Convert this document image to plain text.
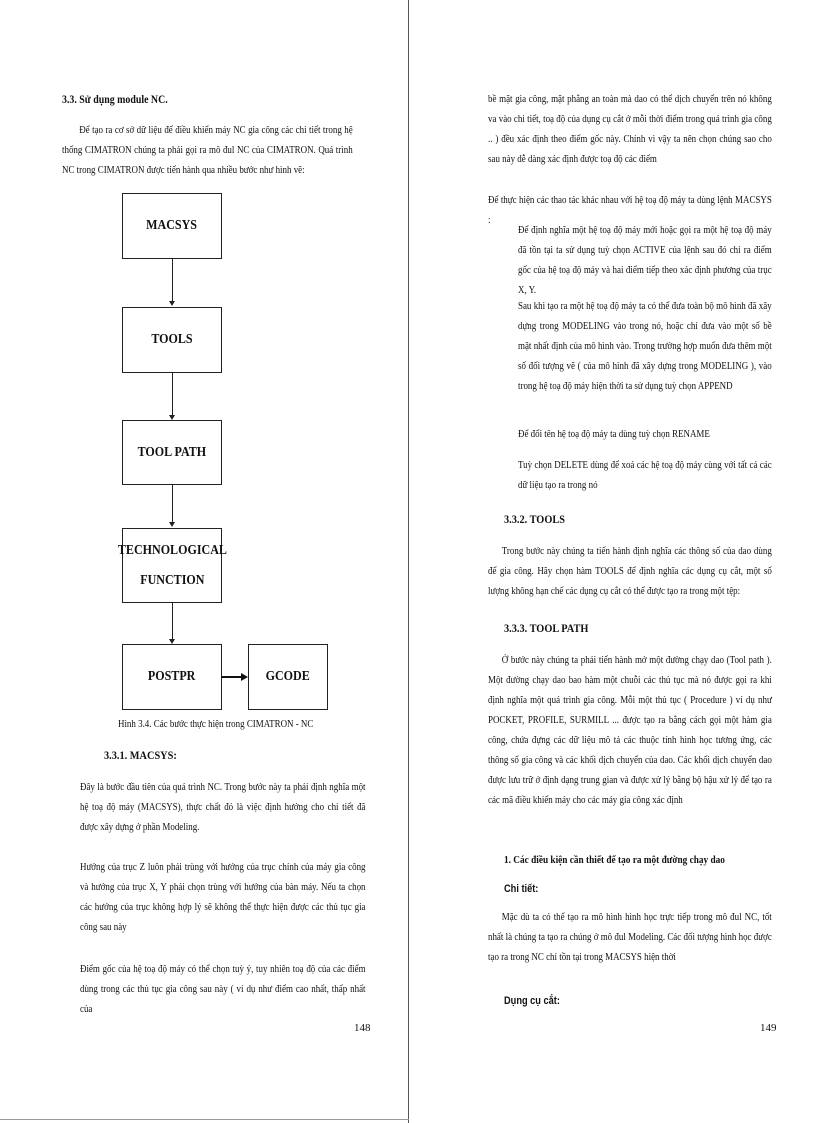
3.3. Sử dụng module NC.

Để tạo ra cơ sở dữ liệu để điều khiển máy NC gia công các chi tiết trong hệ thống CIMATRON chúng ta phải gọi ra mô đul NC của CIMATRON. Quá trình NC trong CIMATRON được tiến hành qua nhiều bước như hình vẽ:

MACSYS
TOOLS
TOOL PATH
TECHNOLOGICAL
FUNCTION
POSTPR	GCODE
Hình 3.4. Các bước thực hiện trong CIMATRON - NC
3.3.1. MACSYS:

Đây là bước đầu tiên của quá trình NC. Trong bước này ta phải định nghĩa một hệ toạ độ máy (MACSYS), thực chất đó là việc định hướng cho chi tiết đã được xây dựng ở phần Modeling.

Hướng của trục Z luôn phải trùng với hướng của trục chính của máy gia công và hướng của trục X, Y phải chọn trùng với hướng của bàn máy. Nếu ta chọn các hướng của trục không hợp lý sẽ không thể thực hiện được các thủ tục gia công sau này

Điểm gốc của hệ toạ độ máy có thể chọn tuỳ ý, tuy nhiên toạ độ của các điểm dùng trong các thủ tục gia công sau này ( ví dụ như điểm cao nhất, thấp nhất của

148

bề mặt gia công, mặt phẳng an toàn mà dao có thể dịch chuyển trên nó không va vào chi tiết, toạ độ của dụng cụ cắt ở mỗi thời điểm trong quá trình gia công .. ) đều xác định theo điểm gốc này. Chính vì vậy ta nên chọn chúng sao cho sau này dễ dàng xác định được toạ độ các điểm

Để thực hiện các thao tác khác nhau với hệ toạ độ máy ta dùng lệnh MACSYS :

Để định nghĩa một hệ toạ độ máy mới hoặc gọi ra một hệ toạ độ máy đã tồn tại ta sử dụng tuỳ chọn ACTIVE của lệnh sau đó chỉ ra điểm gốc của hệ toạ độ máy và hai điểm tiếp theo xác định phương của trục X, Y.

Sau khi tạo ra một hệ toạ độ máy ta có thể đưa toàn bộ mô hình đã xây dựng trong MODELING vào trong nó, hoặc chỉ đưa vào một số bề mặt nhất định của mô hình vào. Trong trường hợp muốn đưa thêm một số đối tượng vẽ ( của mô hình đã xây dựng trong MODELING ), vào trong hệ toạ độ máy hiện thời ta sử dụng tuỳ chọn APPEND

Để đổi tên hệ toạ độ máy ta dùng tuỳ chọn RENAME

Tuỳ chọn DELETE dùng để xoá các hệ toạ độ máy cùng với tất cả các dữ liệu tạo ra trong nó

3.3.2. TOOLS

Trong bước này chúng ta tiến hành định nghĩa các thông số của dao dùng để gia công. Hãy chọn hàm TOOLS để định nghĩa các dụng cụ cắt, một số lượng không hạn chế các dụng cụ cắt có thể được tạo ra trong một tệp:

3.3.3. TOOL PATH

Ở bước này chúng ta phải tiến hành mở một đường chạy dao (Tool path ). Một đường chạy dao bao hàm một chuỗi các thủ tục mà nó được gọi ra khi định nghĩa một quá trình gia công. Mỗi một thủ tục ( Procedure ) ví dụ như POCKET, PROFILE, SURMILL ... được tạo ra bằng cách gọi một hàm gia công, chứa đựng các dữ liệu mô tả các thuộc tính hình học tương ứng, các thông số gia công và các khối dịch chuyển của dao. Các khối dịch chuyển dao được lưu trữ ở định dạng trung gian và được xử lý bằng bộ hậu xử lý để tạo ra các mã điều khiển máy cho các máy gia công xác định

1. Các điều kiện cần thiết để tạo ra một đường chạy dao
Chi tiết:

Mặc dù ta có thể tạo ra mô hình hình học trực tiếp trong mô đul NC, tốt nhất là chúng ta tạo ra chúng ở mô đul Modeling. Các đối tượng hình học được tạo ra trong NC chỉ tồn tại trong MACSYS hiện thời

Dụng cụ cắt:
149
